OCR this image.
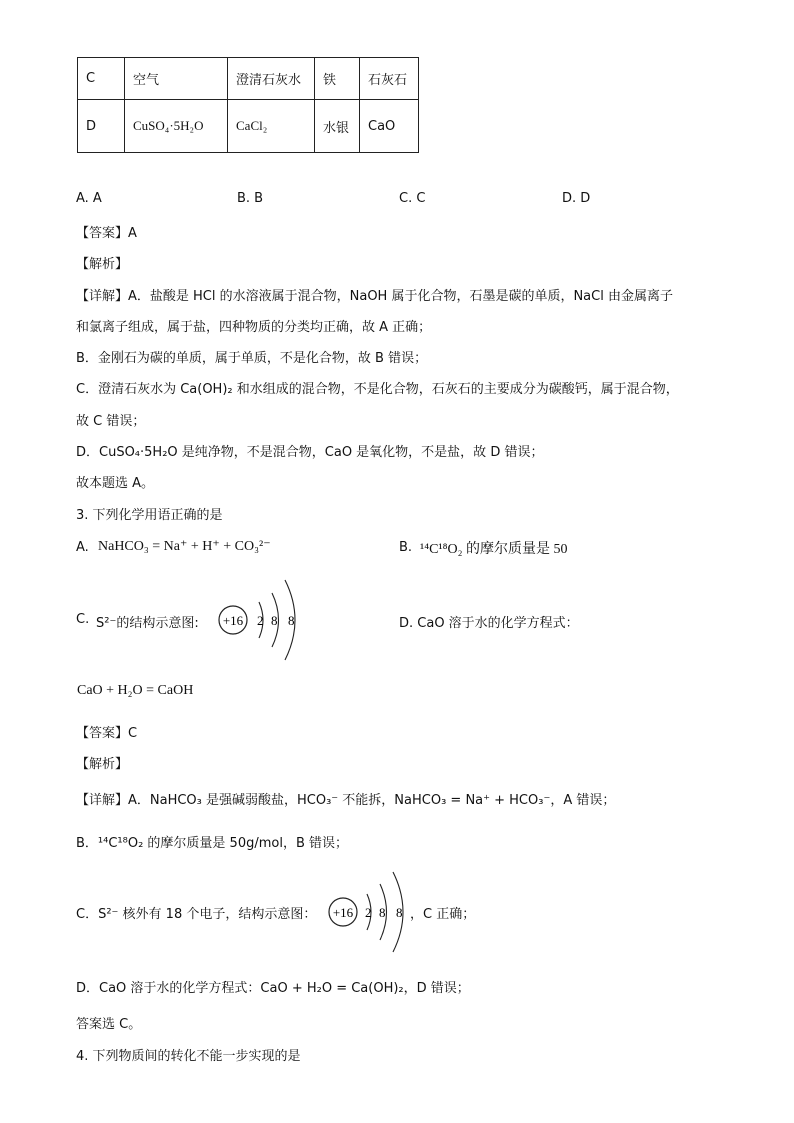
C	空气	澄清石灰水	铁	石灰石
D	CuSO₄·5H₂O	CaCl₂	水银	CaO
A. A	B. B	C. C	D. D
【答案】A
【解析】
【详解】A．盐酸是 HCl 的水溶液属于混合物，NaOH 属于化合物，石墨是碳的单质，NaCl 由金属离子
和氯离子组成，属于盐，四种物质的分类均正确，故 A 正确；
B．金刚石为碳的单质，属于单质，不是化合物，故 B 错误；
C．澄清石灰水为 Ca(OH)₂ 和水组成的混合物，不是化合物，石灰石的主要成分为碳酸钙，属于混合物，
故 C 错误；
D．CuSO₄·5H₂O 是纯净物，不是混合物，CaO 是氧化物，不是盐，故 D 错误；
故本题选 A。
3. 下列化学用语正确的是
A. NaHCO₃ = Na⁺ + H⁺ + CO₃²⁻	B. ¹⁴C¹⁸O₂ 的摩尔质量是 50
C. S²⁻的结构示意图: +16 2 8 8	D. CaO 溶于水的化学方程式：
CaO + H₂O = CaOH
【答案】C
【解析】
【详解】A．NaHCO₃ 是强碱弱酸盐，HCO₃⁻ 不能拆，NaHCO₃ = Na⁺ + HCO₃⁻，A 错误；
B．¹⁴C¹⁸O₂ 的摩尔质量是 50g/mol，B 错误；
C．S²⁻ 核外有 18 个电子，结构示意图： +16 2 8 8 ，C 正确；
D．CaO 溶于水的化学方程式：CaO + H₂O = Ca(OH)₂，D 错误；
答案选 C。
4. 下列物质间的转化不能一步实现的是
